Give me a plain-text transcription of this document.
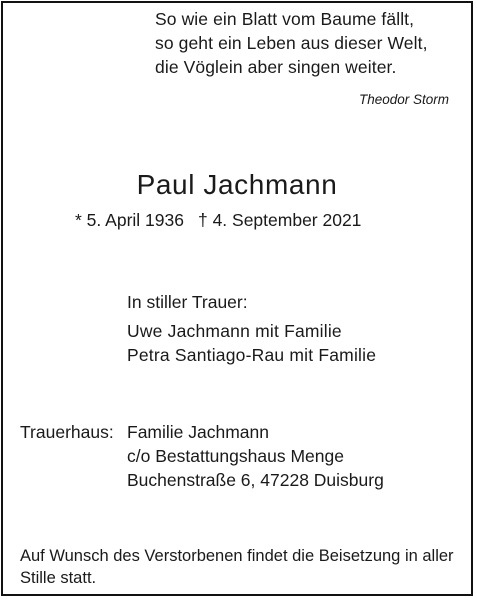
So wie ein Blatt vom Baume fällt,
so geht ein Leben aus dieser Welt,
die Vöglein aber singen weiter.
Theodor Storm
Paul Jachmann
* 5. April 1936 † 4. September 2021
In stiller Trauer:
Uwe Jachmann mit Familie
Petra Santiago-Rau mit Familie
Trauerhaus: Familie Jachmann
c/o Bestattungshaus Menge
Buchenstraße 6, 47228 Duisburg
Auf Wunsch des Verstorbenen findet die Beisetzung in aller Stille statt.
